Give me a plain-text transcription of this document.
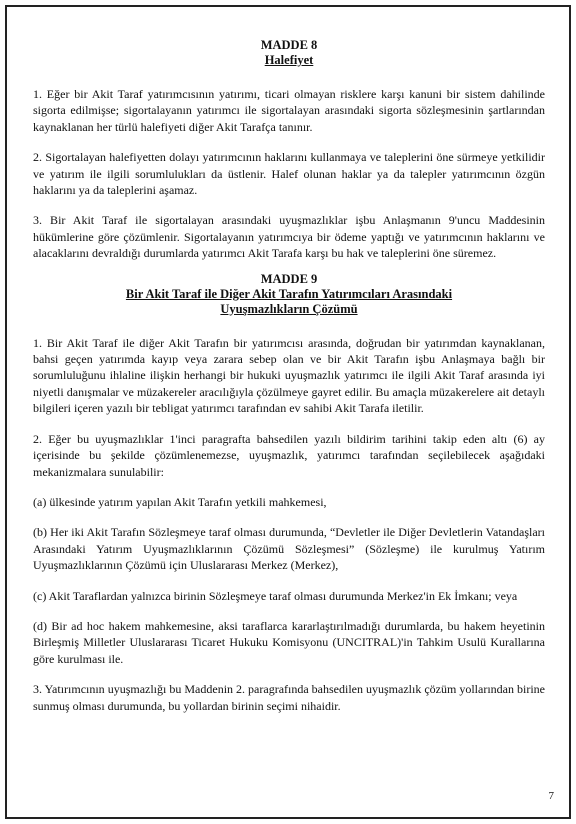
MADDE 8
Halefiyet

1. Eğer bir Akit Taraf yatırımcısının yatırımı, ticari olmayan risklere karşı kanuni bir sistem dahilinde sigorta edilmişse; sigortalayanın yatırımcı ile sigortalayan arasındaki sigorta sözleşmesinin şartlarından kaynaklanan her türlü halefiyeti diğer Akit Tarafça tanınır.

2. Sigortalayan halefiyetten dolayı yatırımcının haklarını kullanmaya ve taleplerini öne sürmeye yetkilidir ve yatırım ile ilgili sorumlulukları da üstlenir. Halef olunan haklar ya da talepler yatırımcının özgün haklarını ya da taleplerini aşamaz.

3. Bir Akit Taraf ile sigortalayan arasındaki uyuşmazlıklar işbu Anlaşmanın 9'uncu Maddesinin hükümlerine göre çözümlenir. Sigortalayanın yatırımcıya bir ödeme yaptığı ve yatırımcının haklarını ve alacaklarını devraldığı durumlarda yatırımcı Akit Tarafa karşı bu hak ve taleplerini öne süremez.

MADDE 9
Bir Akit Taraf ile Diğer Akit Tarafın Yatırımcıları Arasındaki
Uyuşmazlıkların Çözümü

1. Bir Akit Taraf ile diğer Akit Tarafın bir yatırımcısı arasında, doğrudan bir yatırımdan kaynaklanan, bahsi geçen yatırımda kayıp veya zarara sebep olan ve bir Akit Tarafın işbu Anlaşmaya bağlı bir sorumluluğunu ihlaline ilişkin herhangi bir hukuki uyuşmazlık yatırımcı ile ilgili Akit Taraf arasında iyi niyetli danışmalar ve müzakereler aracılığıyla çözülmeye gayret edilir. Bu amaçla müzakerelere ait detaylı bilgileri içeren yazılı bir tebligat yatırımcı tarafından ev sahibi Akit Tarafa iletilir.

2. Eğer bu uyuşmazlıklar 1'inci paragrafta bahsedilen yazılı bildirim tarihini takip eden altı (6) ay içerisinde bu şekilde çözümlenemezse, uyuşmazlık, yatırımcı tarafından seçilebilecek aşağıdaki mekanizmalara sunulabilir:

(a) ülkesinde yatırım yapılan Akit Tarafın yetkili mahkemesi,

(b) Her iki Akit Tarafın Sözleşmeye taraf olması durumunda, “Devletler ile Diğer Devletlerin Vatandaşları Arasındaki Yatırım Uyuşmazlıklarının Çözümü Sözleşmesi” (Sözleşme) ile kurulmuş Yatırım Uyuşmazlıklarının Çözümü için Uluslararası Merkez (Merkez),

(c) Akit Taraflardan yalnızca birinin Sözleşmeye taraf olması durumunda Merkez'in Ek İmkanı; veya

(d) Bir ad hoc hakem mahkemesine, aksi taraflarca kararlaştırılmadığı durumlarda, bu hakem heyetinin Birleşmiş Milletler Uluslararası Ticaret Hukuku Komisyonu (UNCITRAL)'in Tahkim Usulü Kurallarına göre kurulması ile.

3. Yatırımcının uyuşmazlığı bu Maddenin 2. paragrafında bahsedilen uyuşmazlık çözüm yollarından birine sunmuş olması durumunda, bu yollardan birinin seçimi nihaidir.

7
